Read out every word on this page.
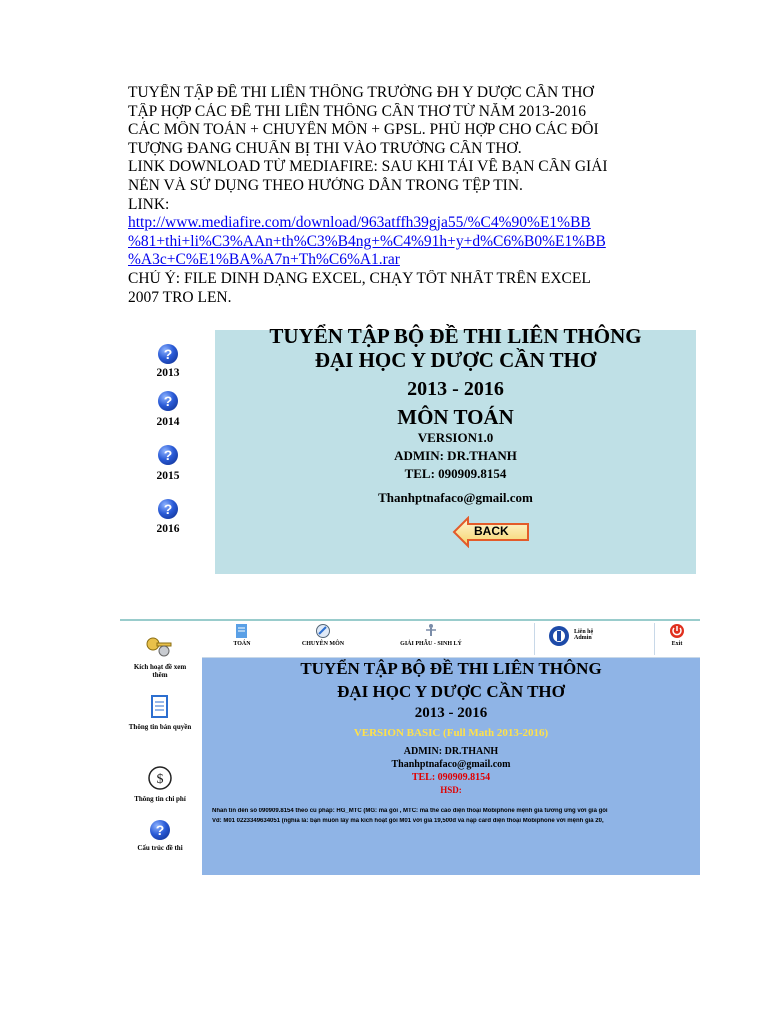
TUYỂN TẬP ĐỀ THI LIÊN THÔNG TRƯỜNG ĐH Y DƯỢC CẦN THƠ
TẬP HỢP CÁC ĐỀ THI LIÊN THÔNG CẦN THƠ TỪ NĂM 2013-2016
CÁC MÔN TOÁN + CHUYÊN MÔN + GPSL. PHÙ HỢP CHO CÁC ĐỐI
TƯỢNG ĐANG CHUẨN BỊ THI VÀO TRƯỜNG CẦN THƠ.
LINK DOWNLOAD TỪ MEDIAFIRE: SAU KHI TẢI VỀ BẠN CẦN GIẢI
NÉN VÀ SỬ DỤNG THEO HƯỚNG DẪN TRONG TỆP TIN.
LINK:
http://www.mediafire.com/download/963atffh39gja55/%C4%90%E1%BB
%81+thi+li%C3%AAn+th%C3%B4ng+%C4%91h+y+d%C6%B0%E1%BB
%A3c+C%E1%BA%A7n+Th%C6%A1.rar
CHÚ Ý: FILE DINH DẠNG EXCEL, CHẠY TỐT NHẤT TRÊN EXCEL
2007 TRO LEN.
?
2013
?
2014
?
2015
?
2016
TUYỂN TẬP BỘ ĐỀ THI LIÊN THÔNG
ĐẠI HỌC Y DƯỢC CẦN THƠ
2013 - 2016
MÔN TOÁN
VERSION1.0
ADMIN: DR.THANH
TEL: 090909.8154
Thanhptnafaco@gmail.com
BACK
Kích hoạt đề xem thêm
Thông tin bản quyền
$
Thông tin chi phí
?
Cấu trúc đề thi
TOÁN	CHUYÊN MÔN	GIẢI PHẪU - SINH LÝ
Liên hệ Admin
Exit
TUYỂN TẬP BỘ ĐỀ THI LIÊN THÔNG
ĐẠI HỌC Y DƯỢC CẦN THƠ
2013 - 2016
VERSION BASIC (Full Math 2013-2016)
ADMIN: DR.THANH
Thanhptnafaco@gmail.com
TEL: 090909.8154
HSD:
Nhắn tin đến số 090909.8154 theo cú pháp: HG_MTC (MG: mã gói , MTC: mã thẻ cào điện thoại Mobiphone mệnh giá tương ứng với giá gói
Vd: M01 0223349634051 (nghĩa là: bạn muốn lấy mã kích hoạt gói M01 với giá 19,500đ và nạp card điện thoại Mobiphone với mệnh giá 20,
